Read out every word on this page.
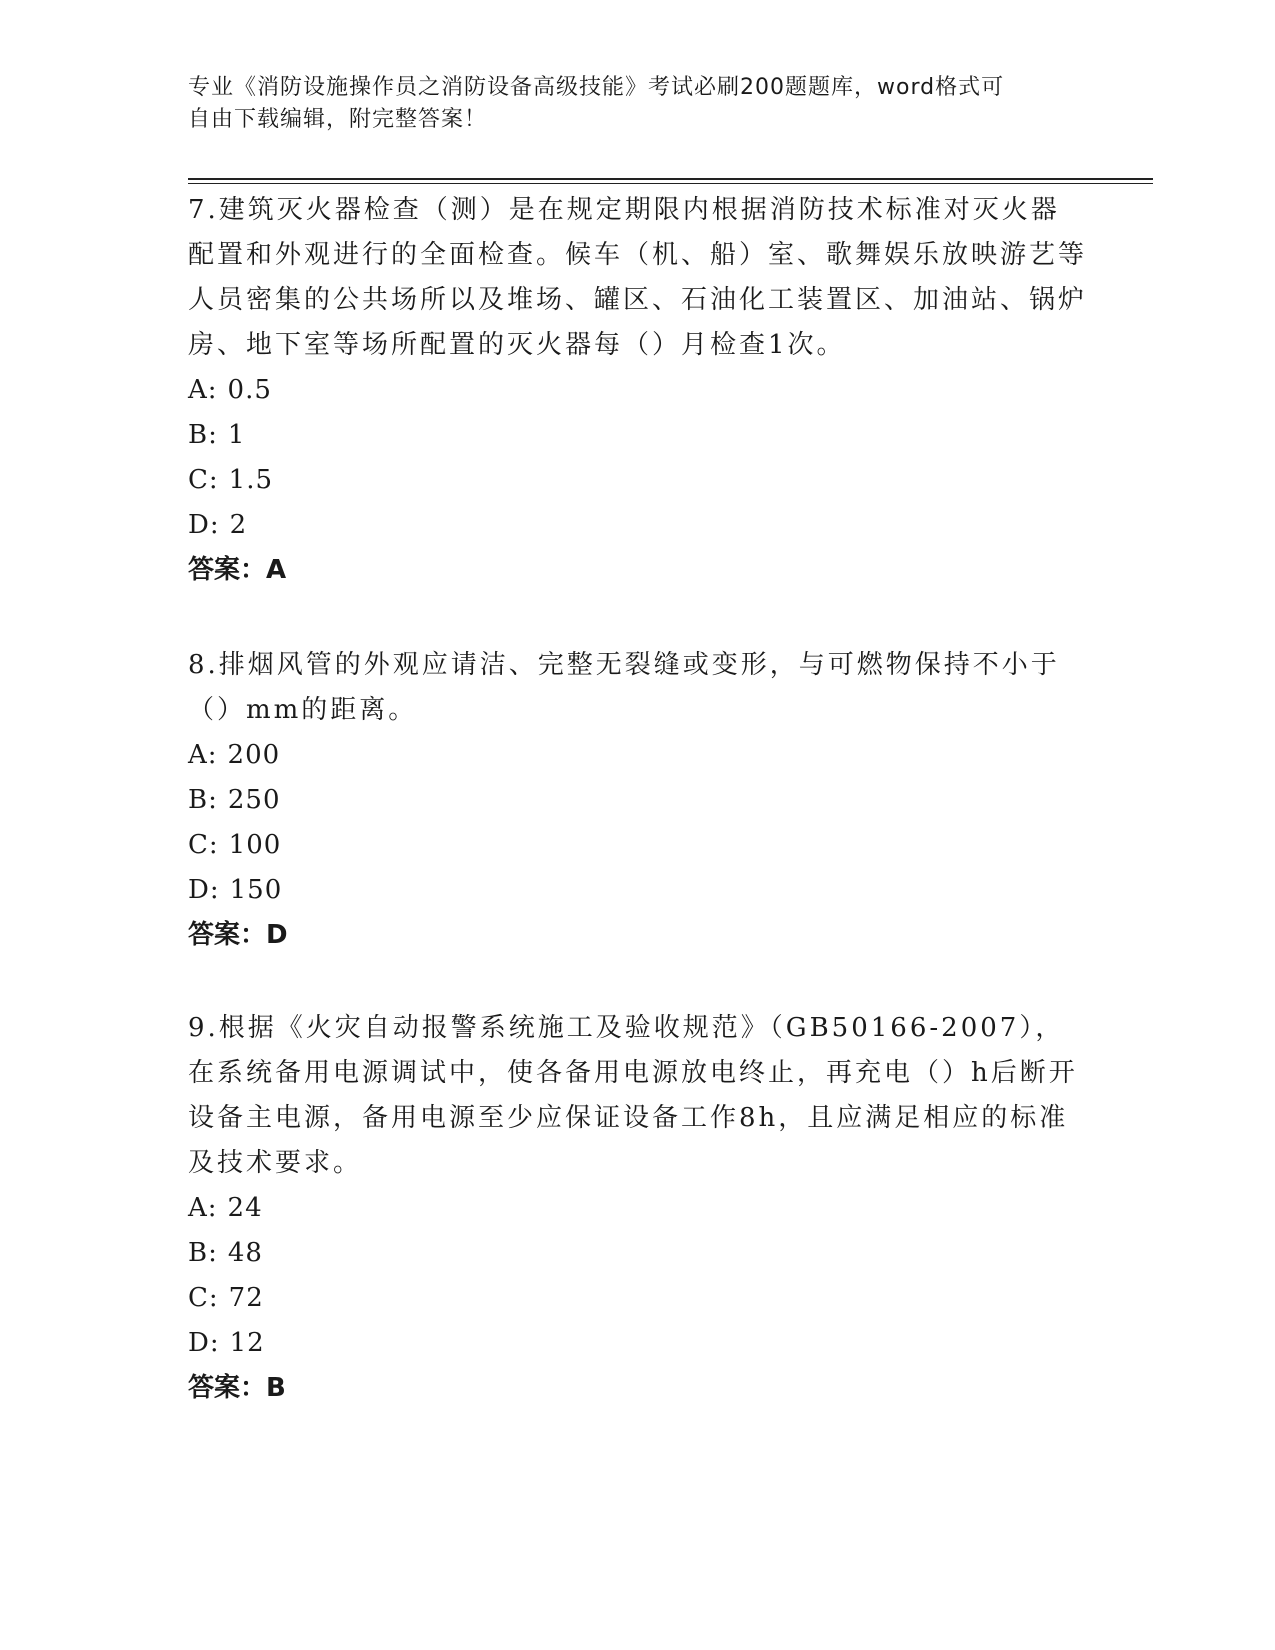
专业《消防设施操作员之消防设备高级技能》考试必刷200题题库，word格式可
自由下载编辑，附完整答案！

7.建筑灭火器检查（测）是在规定期限内根据消防技术标准对灭火器配置和外观进行的全面检查。候车（机、船）室、歌舞娱乐放映游艺等人员密集的公共场所以及堆场、罐区、石油化工装置区、加油站、锅炉房、地下室等场所配置的灭火器每（）月检查1次。

A: 0.5

B: 1

C: 1.5

D: 2

答案：A

8.排烟风管的外观应请洁、完整无裂缝或变形，与可燃物保持不小于（）mm的距离。

A: 200

B: 250

C: 100

D: 150

答案：D

9.根据《火灾自动报警系统施工及验收规范》（GB50166-2007），在系统备用电源调试中，使各备用电源放电终止，再充电（）h后断开设备主电源，备用电源至少应保证设备工作8h，且应满足相应的标准及技术要求。

A: 24

B: 48

C: 72

D: 12

答案：B
